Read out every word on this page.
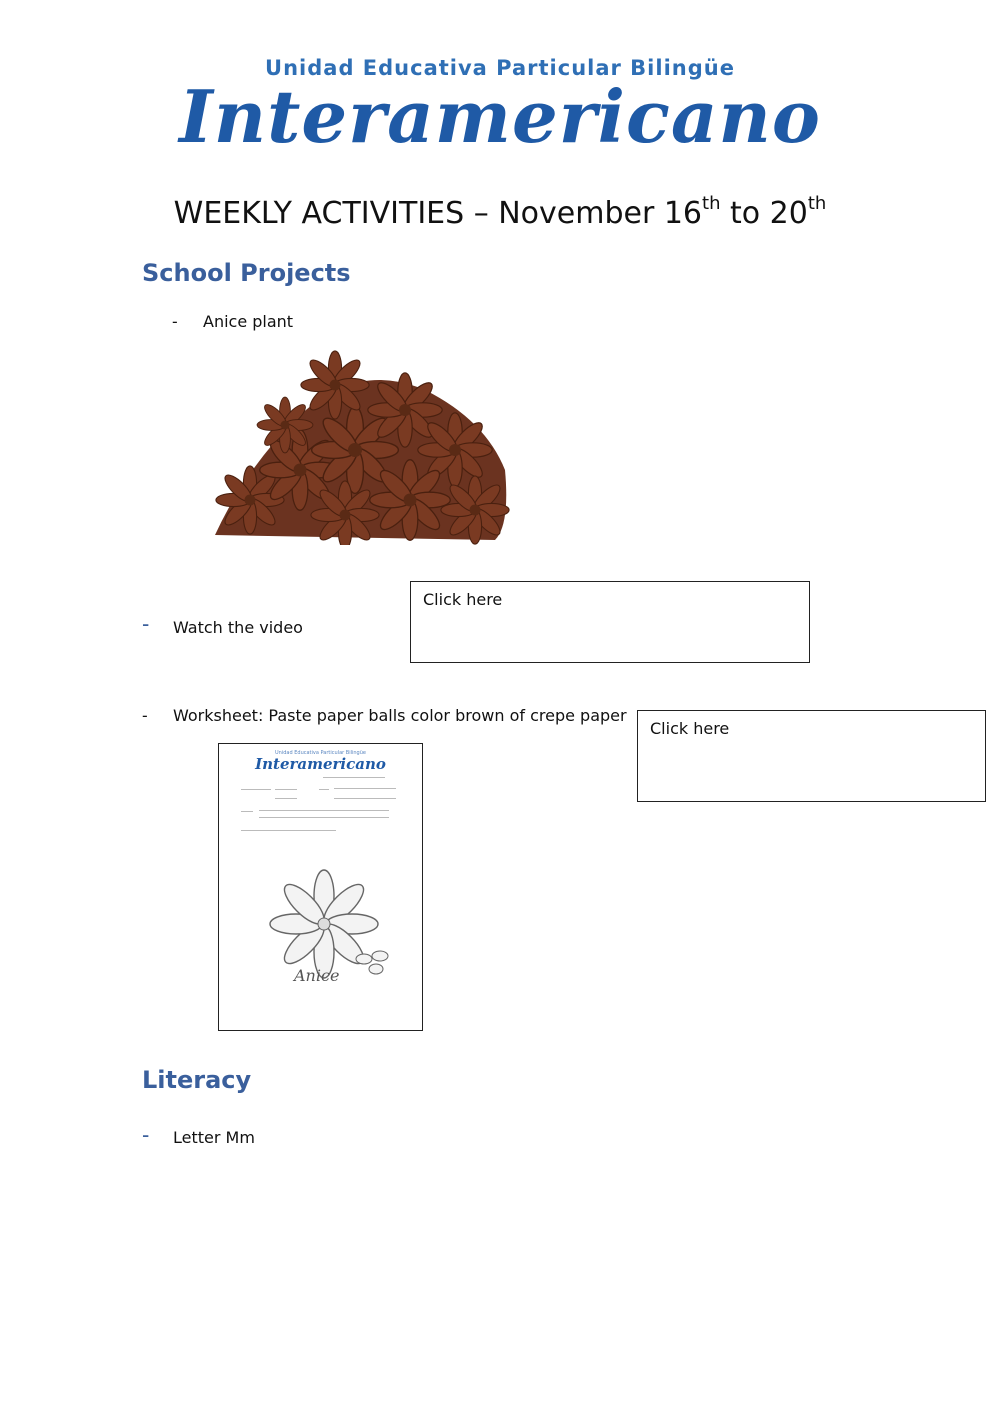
Unidad Educativa Particular Bilingüe
Interamericano
WEEKLY ACTIVITIES – November 16th to 20th
School Projects
- Anice plant
- Watch the video
Click here
- Worksheet: Paste paper balls color brown of crepe paper
Click here
Unidad Educativa Particular Bilingüe
Interamericano
Anice
Literacy
- Letter Mm
